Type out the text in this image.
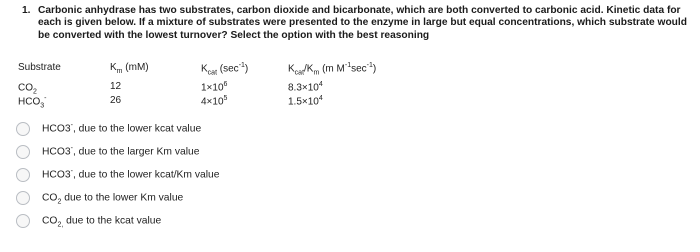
1. Carbonic anhydrase has two substrates, carbon dioxide and bicarbonate, which are both converted to carbonic acid. Kinetic data for each is given below. If a mixture of substrates were presented to the enzyme in large but equal concentrations, which substrate would be converted with the lowest turnover? Select the option with the best reasoning
Substrate	$K_m$ (mM)	$K_{cat}$ $(\sec^{-1})$	$K_{cat}/K_m$ (m $M^{-1}\sec^{-1}$)
$CO_2$	12	$1\times 10^6$	$8.3\times 10^4$
$HCO_3^-$	26	$4\times 10^5$	$1.5\times 10^4$
HCO3-, due to the lower kcat value
HCO3-, due to the larger Km value
HCO3-, due to the lower kcat/Km value
$CO_2$ due to the lower Km value
$CO_{2,}$ due to the kcat value
